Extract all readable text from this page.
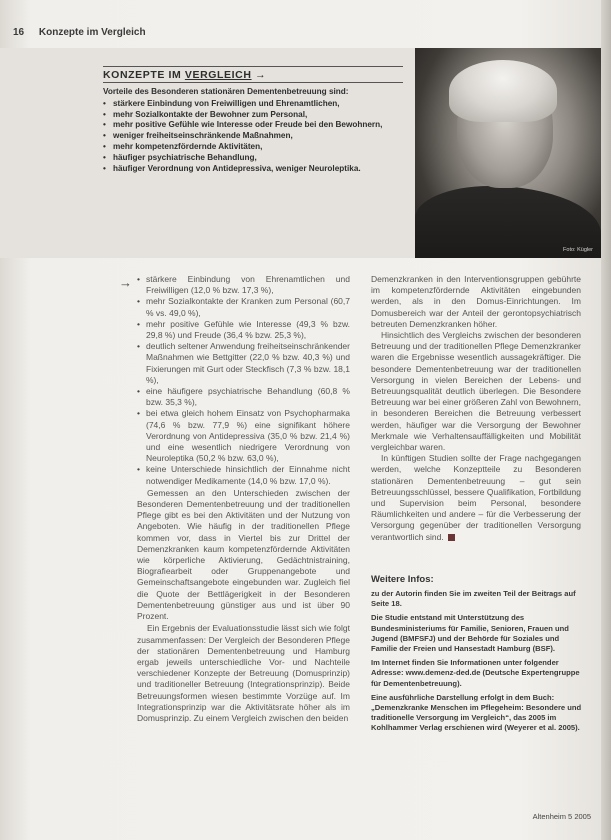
16 Konzepte im Vergleich
KONZEPTE IM VERGLEICH →
Vorteile des Besonderen stationären Dementenbetreuung sind:
• stärkere Einbindung von Freiwilligen und Ehrenamtlichen,
• mehr Sozialkontakte der Bewohner zum Personal,
• mehr positive Gefühle wie Interesse oder Freude bei den Bewohnern,
• weniger freiheitseinschränkende Maßnahmen,
• mehr kompetenzfördernde Aktivitäten,
• häufiger psychiatrische Behandlung,
• häufiger Verordnung von Antidepressiva, weniger Neuroleptika.
Foto: Kügler
→
•	stärkere Einbindung von Ehrenamtlichen und Freiwilligen (12,0 % bzw. 17,3 %),
• mehr Sozialkontakte der Kranken zum Personal (60,7 % vs. 49,0 %),
• mehr positive Gefühle wie Interesse (49,3 % bzw. 29,8 %) und Freude (36,4 % bzw. 25,3 %),
• deutlich seltener Anwendung freiheitseinschränkender Maßnahmen wie Bettgitter (22,0 % bzw. 40,3 %) und Fixierungen mit Gurt oder Steckfisch (7,3 % bzw. 18,1 %),
• eine häufigere psychiatrische Behandlung (60,8 % bzw. 35,3 %),
• bei etwa gleich hohem Einsatz von Psychopharmaka (74,6 % bzw. 77,9 %) eine signifikant höhere Verordnung von Antidepressiva (35,0 % bzw. 21,4 %) und eine wesentlich niedrigere Verordnung von Neuroleptika (50,2 % bzw. 63,0 %),
• keine Unterschiede hinsichtlich der Einnahme nicht notwendiger Medikamente (14,0 % bzw. 17,0 %).

Gemessen an den Unterschieden zwischen der Besonderen Dementenbetreuung und der traditionellen Pflege gibt es bei den Aktivitäten und der Nutzung von Angeboten. Wie häufig in der traditionellen Pflege kommen vor, dass in Viertel bis zur Drittel der Demenzkranken kaum kompetenzfördernde Aktivitäten wie körperliche Aktivierung, Gedächtnistraining, Biografiearbeit oder Gruppenangebote und Gemeinschaftsangebote eingebunden war. Zugleich fiel die Quote der Bettlägerigkeit in der Besonderen Dementenbetreuung günstiger aus und ist über 90 Prozent.

Ein Ergebnis der Evaluationsstudie lässt sich wie folgt zusammenfassen: Der Vergleich der Besonderen Pflege der stationären Dementenbetreuung und Hamburg ergab jeweils unterschiedliche Vor- und Nachteile verschiedener Konzepte der Betreuung (Domusprinzip) und traditioneller Betreuung (Integrationsprinzip). Beide Betreuungsformen wiesen bestimmte Vorzüge auf. Im Integrationsprinzip war die Aktivitätsrate höher als im Domusprinzip. Zu einem Vergleich zwischen den beiden

Demenzkranken in den Interventionsgruppen gebührte im kompetenzfördernde Aktivitäten eingebunden werden, als in den Domus-Einrichtungen. Im Domusbereich war der Anteil der gerontopsychiatrisch betreuten Demenzkranken höher.

Hinsichtlich des Vergleichs zwischen der besonderen Betreuung und der traditionellen Pflege Demenzkranker waren die Ergebnisse wesentlich aussagekräftiger. Die besondere Dementenbetreuung war der traditionellen Versorgung in vielen Bereichen der Lebens- und Betreuungsqualität deutlich überlegen. Die Besondere Betreuung war bei einer größeren Zahl von Bewohnern, in besonderen Bereichen die Betreuung verbessert werden, häufiger war die Versorgung der Bewohner Merkmale wie Verhaltensauffälligkeiten und Mobilität vergleichbar waren.

In künftigen Studien sollte der Frage nachgegangen werden, welche Konzeptteile zu Besonderen stationären Dementenbetreuung – gut sein Betreuungsschlüssel, bessere Qualifikation, Fortbildung und Supervision beim Personal, besondere Räumlichkeiten und andere – für die Verbesserung der Versorgung gegenüber der traditionellen Versorgung verantwortlich sind.

Weitere Infos:

zu der Autorin finden Sie im zweiten Teil der Beitrags auf Seite 18.

Die Studie entstand mit Unterstützung des Bundesministeriums für Familie, Senioren, Frauen und Jugend (BMFSFJ) und der Behörde für Soziales und Familie der Freien und Hansestadt Hamburg (BSF).

Im Internet finden Sie Informationen unter folgender Adresse: www.demenz-ded.de (Deutsche Expertengruppe für Dementenbetreuung).

Eine ausführliche Darstellung erfolgt in dem Buch: „Demenzkranke Menschen im Pflegeheim: Besondere und traditionelle Versorgung im Vergleich“, das 2005 im Kohlhammer Verlag erschienen wird (Weyerer et al. 2005).

Altenheim 5 2005
